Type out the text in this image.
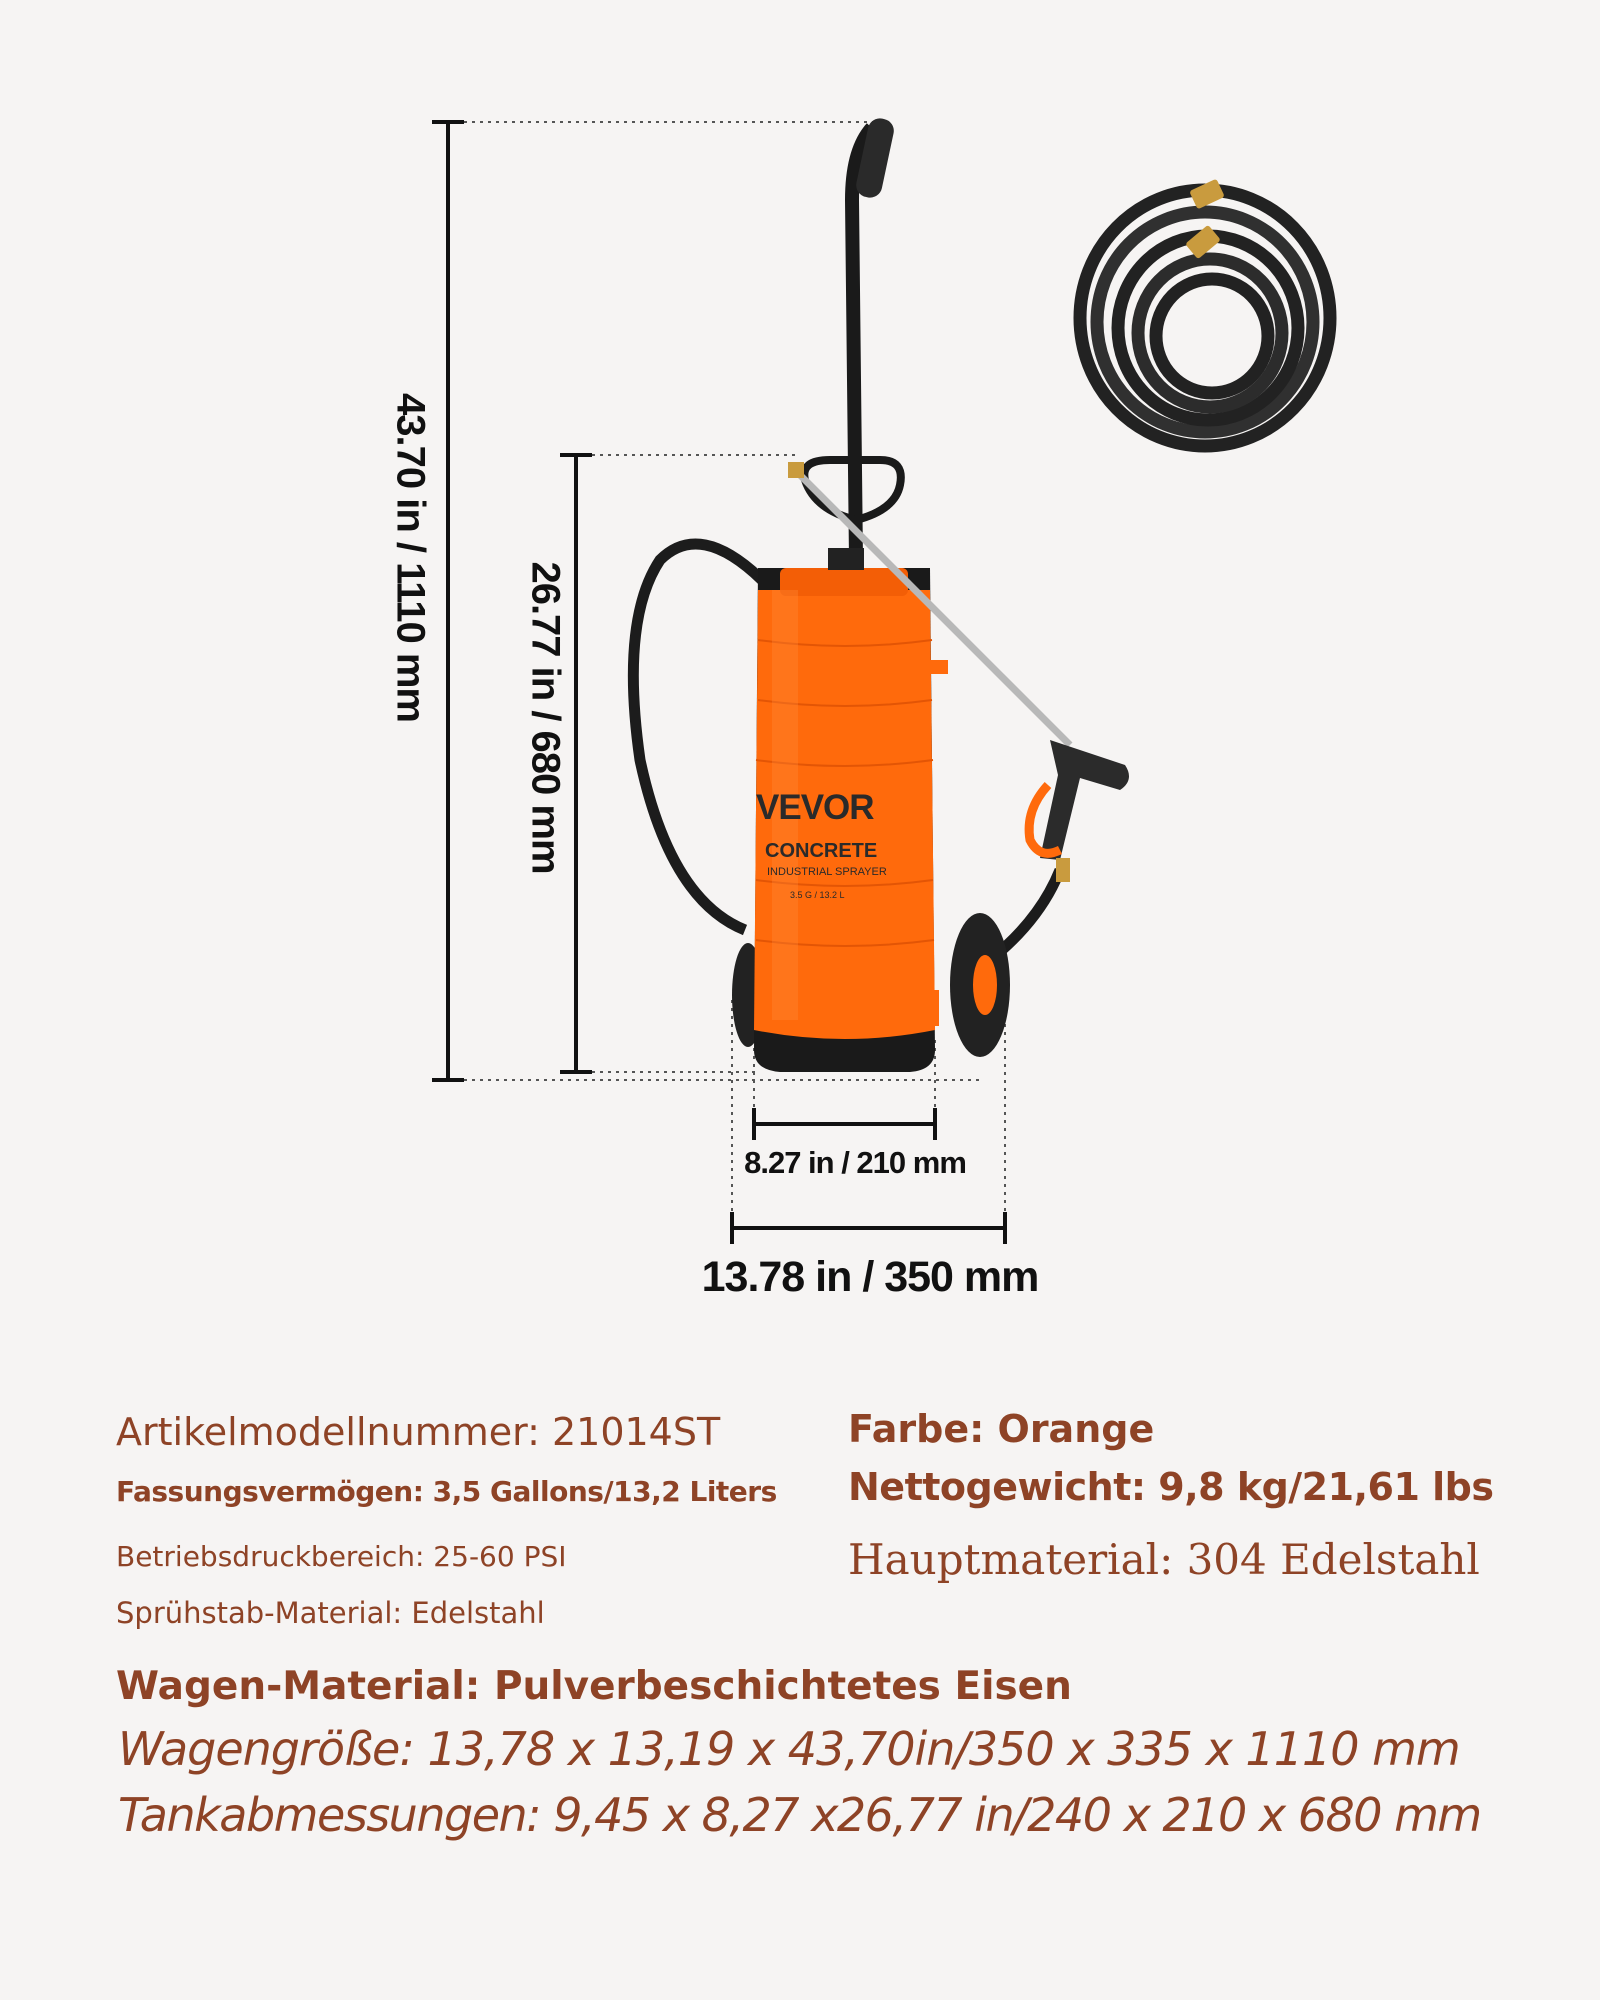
VEVOR
CONCRETE
INDUSTRIAL SPRAYER
3.5 G / 13.2 L
43.70 in / 1110 mm 26.77 in / 680 mm
8.27 in / 210 mm
13.78 in / 350 mm
Artikelmodellnummer: 21014ST	Farbe: Orange
Fassungsvermögen: 3,5 Gallons/13,2 Liters Nettogewicht: 9,8 kg/21,61 lbs
Betriebsdruckbereich: 25-60 PSI	Hauptmaterial: 304 Edelstahl
Sprühstab-Material: Edelstahl
Wagen-Material: Pulverbeschichtetes Eisen
Wagengröße: 13,78 x 13,19 x 43,70in/350 x 335 x 1110 mm
Tankabmessungen: 9,45 x 8,27 x26,77 in/240 x 210 x 680 mm
